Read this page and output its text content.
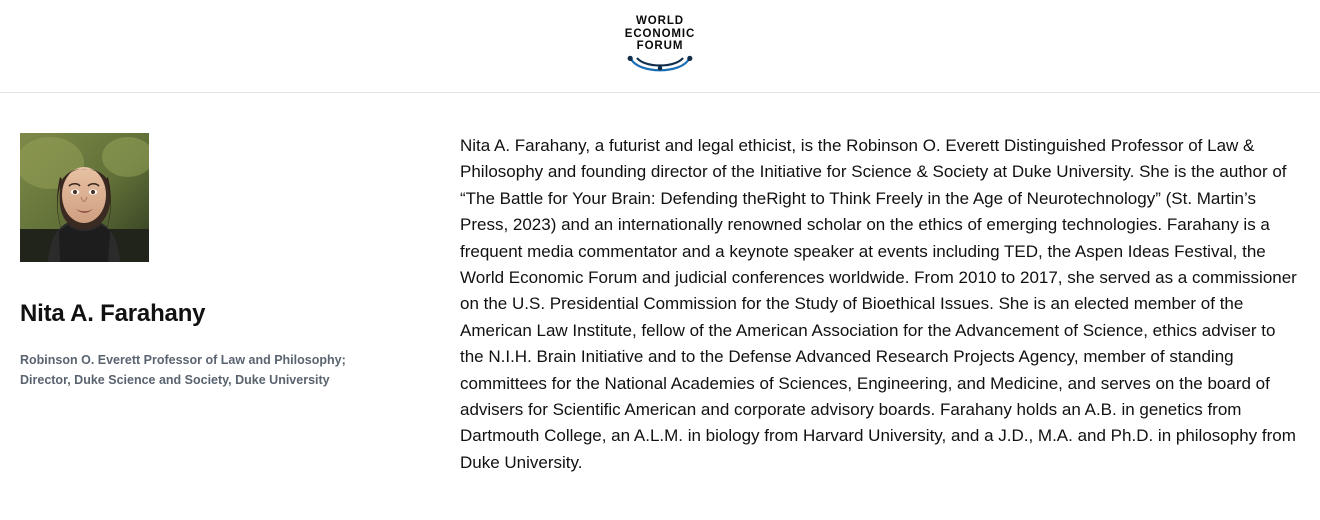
WORLD
ECONOMIC
FORUM
Nita A. Farahany

Robinson O. Everett Professor of Law and Philosophy;
Director, Duke Science and Society, Duke University

Nita A. Farahany, a futurist and legal ethicist, is the Robinson O. Everett Distinguished Professor of Law & Philosophy and founding director of the Initiative for Science & Society at Duke University. She is the author of “The Battle for Your Brain: Defending theRight to Think Freely in the Age of Neurotechnology” (St. Martin’s Press, 2023) and an internationally renowned scholar on the ethics of emerging technologies. Farahany is a frequent media commentator and a keynote speaker at events including TED, the Aspen Ideas Festival, the World Economic Forum and judicial conferences worldwide. From 2010 to 2017, she served as a commissioner on the U.S. Presidential Commission for the Study of Bioethical Issues. She is an elected member of the American Law Institute, fellow of the American Association for the Advancement of Science, ethics adviser to the N.I.H. Brain Initiative and to the Defense Advanced Research Projects Agency, member of standing committees for the National Academies of Sciences, Engineering, and Medicine, and serves on the board of advisers for Scientific American and corporate advisory boards. Farahany holds an A.B. in genetics from Dartmouth College, an A.L.M. in biology from Harvard University, and a J.D., M.A. and Ph.D. in philosophy from Duke University.
